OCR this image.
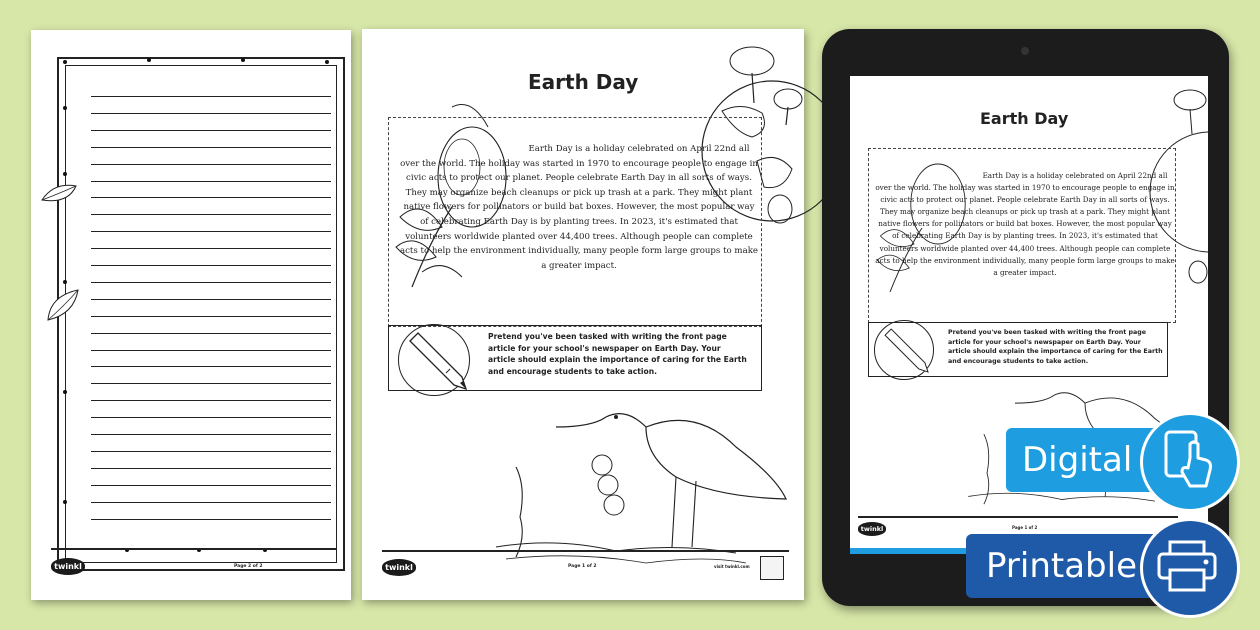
twinkl	Page 2 of 2
Earth Day
Earth Day is a holiday celebrated on April 22nd all over the world. The holiday was started in 1970 to encourage people to engage in civic acts to protect our planet. People celebrate Earth Day in all sorts of ways. They may organize beach cleanups or pick up trash at a park. They might plant native flowers for pollinators or build bat boxes. However, the most popular way of celebrating Earth Day is by planting trees. In 2023, it's estimated that volunteers worldwide planted over 44,400 trees. Although people can complete acts to help the environment individually, many people form large groups to make a greater impact.
Pretend you've been tasked with writing the front page article for your school's newspaper on Earth Day. Your article should explain the importance of caring for the Earth and encourage students to take action.
twinkl	Page 1 of 2	visit twinkl.com
Earth Day
Earth Day is a holiday celebrated on April 22nd all over the world. The holiday was started in 1970 to encourage people to engage in civic acts to protect our planet. People celebrate Earth Day in all sorts of ways. They may organize beach cleanups or pick up trash at a park. They might plant native flowers for pollinators or build bat boxes. However, the most popular way of celebrating Earth Day is by planting trees. In 2023, it's estimated that volunteers worldwide planted over 44,400 trees. Although people can complete acts to help the environment individually, many people form large groups to make a greater impact.
Pretend you've been tasked with writing the front page article for your school's newspaper on Earth Day. Your article should explain the importance of caring for the Earth and encourage students to take action.
twinkl	Page 1 of 2
Digital
Printable
